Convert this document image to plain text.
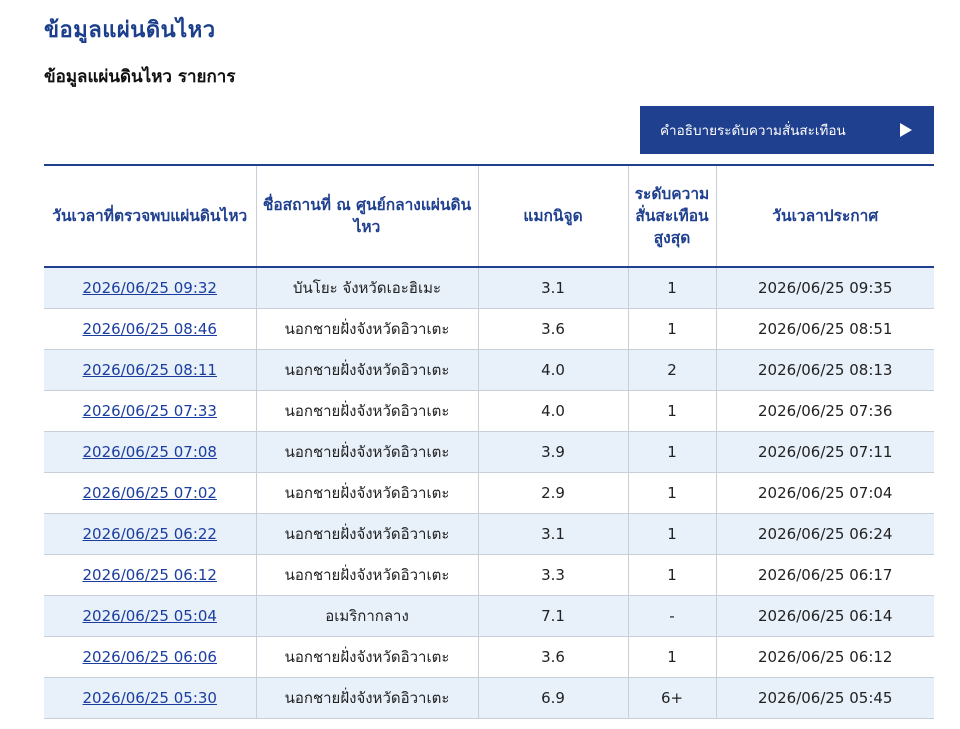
ข้อมูลแผ่นดินไหว
ข้อมูลแผ่นดินไหว รายการ
คำอธิบายระดับความสั่นสะเทือน
วันเวลาที่ตรวจพบแผ่นดินไหว	ชื่อสถานที่ ณ ศูนย์กลางแผ่นดินไหว	แมกนิจูด	ระดับความสั่นสะเทือนสูงสุด	วันเวลาประกาศ
2026/06/25 09:32	บันโยะ จังหวัดเอะฮิเมะ	3.1	1	2026/06/25 09:35
2026/06/25 08:46	นอกชายฝั่งจังหวัดอิวาเตะ	3.6	1	2026/06/25 08:51
2026/06/25 08:11	นอกชายฝั่งจังหวัดอิวาเตะ	4.0	2	2026/06/25 08:13
2026/06/25 07:33	นอกชายฝั่งจังหวัดอิวาเตะ	4.0	1	2026/06/25 07:36
2026/06/25 07:08	นอกชายฝั่งจังหวัดอิวาเตะ	3.9	1	2026/06/25 07:11
2026/06/25 07:02	นอกชายฝั่งจังหวัดอิวาเตะ	2.9	1	2026/06/25 07:04
2026/06/25 06:22	นอกชายฝั่งจังหวัดอิวาเตะ	3.1	1	2026/06/25 06:24
2026/06/25 06:12	นอกชายฝั่งจังหวัดอิวาเตะ	3.3	1	2026/06/25 06:17
2026/06/25 05:04	อเมริกากลาง	7.1	-	2026/06/25 06:14
2026/06/25 06:06	นอกชายฝั่งจังหวัดอิวาเตะ	3.6	1	2026/06/25 06:12
2026/06/25 05:30	นอกชายฝั่งจังหวัดอิวาเตะ	6.9	6+	2026/06/25 05:45
